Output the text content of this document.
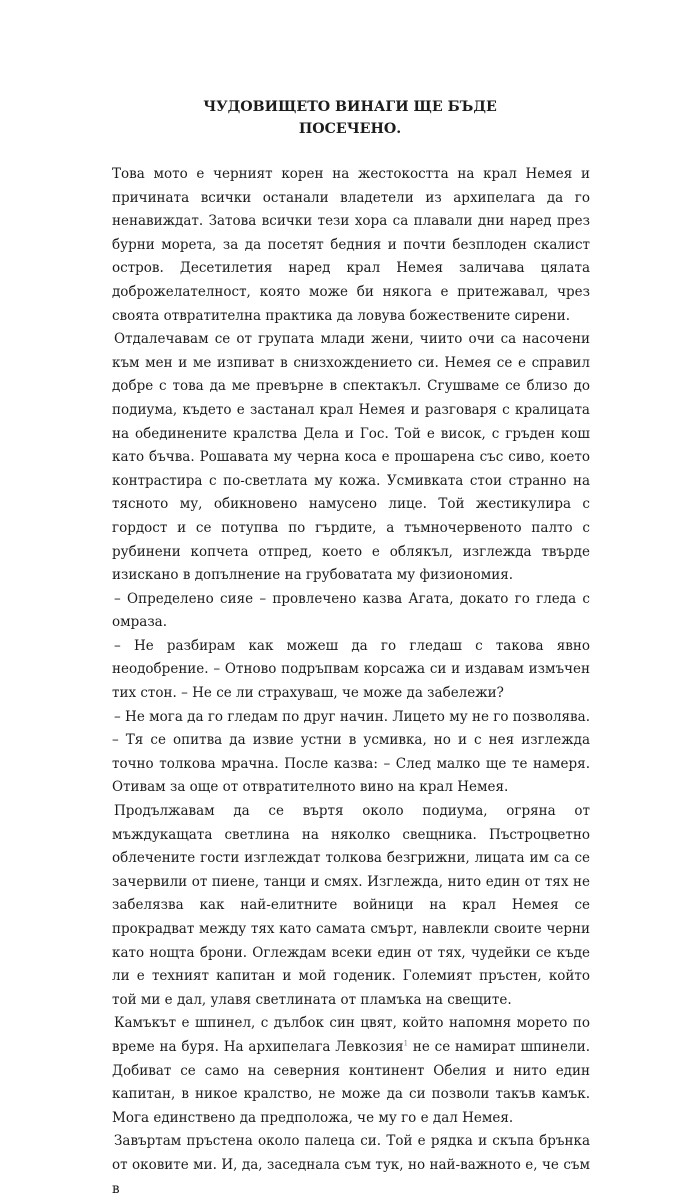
ЧУДОВИЩЕТО ВИНАГИ ЩЕ БЪДЕ
ПОСЕЧЕНО.

Това мото е черният корен на жестокостта на крал Немея и причината всички останали владетели из архипелага да го ненавиждат. Затова всички тези хора са плавали дни наред през бурни морета, за да посетят бедния и почти безплоден скалист остров. Десетилетия наред крал Немея заличава цялата доброжелателност, която може би някога е притежавал, чрез своята отвратителна практика да ловува божествените сирени.

Отдалечавам се от групата млади жени, чиито очи са насочени към мен и ме изпиват в снизхождението си. Немея се е справил добре с това да ме превърне в спектакъл. Сгушваме се близо до подиума, където е застанал крал Немея и разговаря с кралицата на обединените кралства Дела и Гос. Той е висок, с гръден кош като бъчва. Рошавата му черна коса е прошарена със сиво, което контрастира с по-светлата му кожа. Усмивката стои странно на тясното му, обикновено намусено лице. Той жестикулира с гордост и се потупва по гърдите, а тъмночервеното палто с рубинени копчета отпред, което е облякъл, изглежда твърде изискано в допълнение на грубоватата му физиономия.

– Определено сияе – провлечено казва Агата, докато го гледа с омраза.

– Не разбирам как можеш да го гледаш с такова явно неодобрение. – Отново подръпвам корсажа си и издавам измъчен тих стон. – Не се ли страхуваш, че може да забележи?

– Не мога да го гледам по друг начин. Лицето му не го позволява. – Тя се опитва да извие устни в усмивка, но и с нея изглежда точно толкова мрачна. После казва: – След малко ще те намеря. Отивам за още от отвратителното вино на крал Немея.

Продължавам да се въртя около подиума, огряна от мъждукащата светлина на няколко свещника. Пъстроцветно облечените гости изглеждат толкова безгрижни, лицата им са се зачервили от пиене, танци и смях. Изглежда, нито един от тях не забелязва как най-елитните войници на крал Немея се прокрадват между тях като самата смърт, навлекли своите черни като нощта брони. Оглеждам всеки един от тях, чудейки се къде ли е техният капитан и мой годеник. Големият пръстен, който той ми е дал, улавя светлината от пламъка на свещите.

Камъкът е шпинел, с дълбок син цвят, който напомня морето по време на буря. На архипелага Левкозия$^1$ не се намират шпинели. Добиват се само на северния континент Обелия и нито един капитан, в никое кралство, не може да си позволи такъв камък. Мога единствено да предположа, че му го е дал Немея.

Завъртам пръстена около палеца си. Той е рядка и скъпа брънка от оковите ми. И, да, заседнала съм тук, но най-важното е, че съм в
